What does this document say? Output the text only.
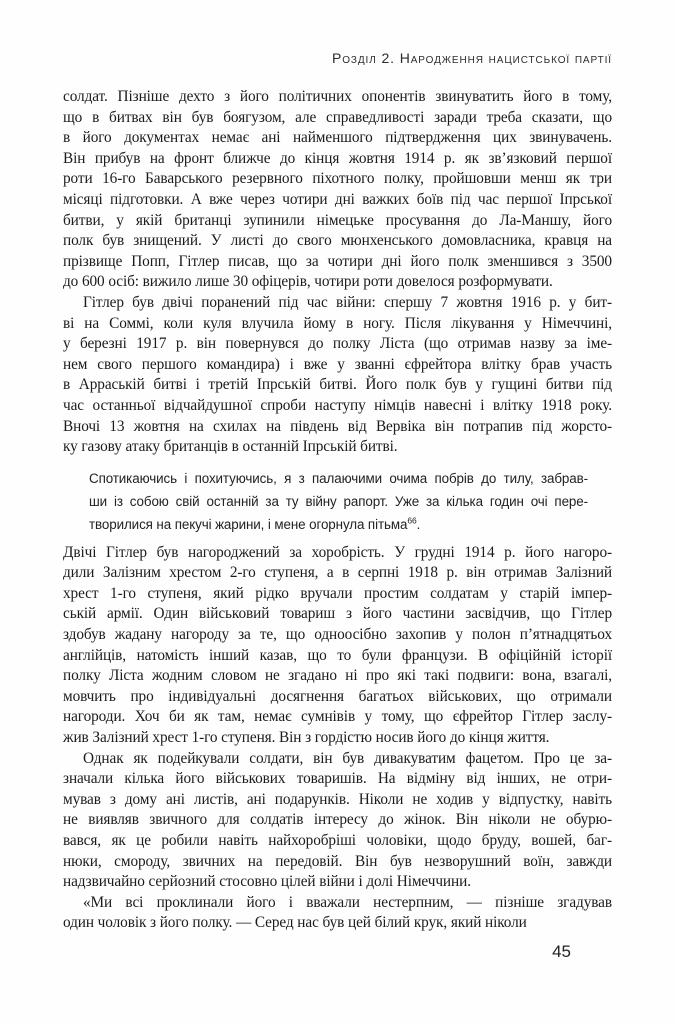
Розділ 2. Народження нацистської партії
солдат. Пізніше дехто з його політичних опонентів звинуватить його в тому,
що в битвах він був боягузом, але справедливості заради треба сказати, що
в його документах немає ані найменшого підтвердження цих звинувачень.
Він прибув на фронт ближче до кінця жовтня 1914 р. як зв’язковий першої
роти 16-го Баварського резервного піхотного полку, пройшовши менш як три
місяці підготовки. А вже через чотири дні важких боїв під час першої Іпрської
битви, у якій британці зупинили німецьке просування до Ла-Маншу, його
полк був знищений. У листі до свого мюнхенського домовласника, кравця на
прізвище Попп, Гітлер писав, що за чотири дні його полк зменшився з 3500
до 600 осіб: вижило лише 30 офіцерів, чотири роти довелося розформувати.
Гітлер був двічі поранений під час війни: спершу 7 жовтня 1916 р. у бит-
ві на Соммі, коли куля влучила йому в ногу. Після лікування у Німеччині,
у березні 1917 р. він повернувся до полку Ліста (що отримав назву за іме-
нем свого першого командира) і вже у званні єфрейтора влітку брав участь
в Арраській битві і третій Іпрській битві. Його полк був у гущині битви під
час останньої відчайдушної спроби наступу німців навесні і влітку 1918 року.
Вночі 13 жовтня на схилах на південь від Вервіка він потрапив під жорсто-
ку газову атаку британців в останній Іпрській битві.
Спотикаючись і похитуючись, я з палаючими очима побрів до тилу, забрав-
ши із собою свій останній за ту війну рапорт. Уже за кілька годин очі пере-
творилися на пекучі жарини, і мене огорнула пітьма$^{66}$.
Двічі Гітлер був нагороджений за хоробрість. У грудні 1914 р. його нагоро-
дили Залізним хрестом 2-го ступеня, а в серпні 1918 р. він отримав Залізний
хрест 1-го ступеня, який рідко вручали простим солдатам у старій імпер-
ській армії. Один військовий товариш з його частини засвідчив, що Гітлер
здобув жадану нагороду за те, що одноосібно захопив у полон п’ятнадцятьох
англійців, натомість інший казав, що то були французи. В офіційній історії
полку Ліста жодним словом не згадано ні про які такі подвиги: вона, взагалі,
мовчить про індивідуальні досягнення багатьох військових, що отримали
нагороди. Хоч би як там, немає сумнівів у тому, що єфрейтор Гітлер заслу-
жив Залізний хрест 1-го ступеня. Він з гордістю носив його до кінця життя.
Однак як подейкували солдати, він був дивакуватим фацетом. Про це за-
значали кілька його військових товаришів. На відміну від інших, не отри-
мував з дому ані листів, ані подарунків. Ніколи не ходив у відпустку, навіть
не виявляв звичного для солдатів інтересу до жінок. Він ніколи не обурю-
вався, як це робили навіть найхоробріші чоловіки, щодо бруду, вошей, баг-
нюки, смороду, звичних на передовій. Він був незворушний воїн, завжди
надзвичайно серйозний стосовно цілей війни і долі Німеччини.
«Ми всі проклинали його і вважали нестерпним, — пізніше згадував
один чоловік з його полку. — Серед нас був цей білий крук, який ніколи
45
